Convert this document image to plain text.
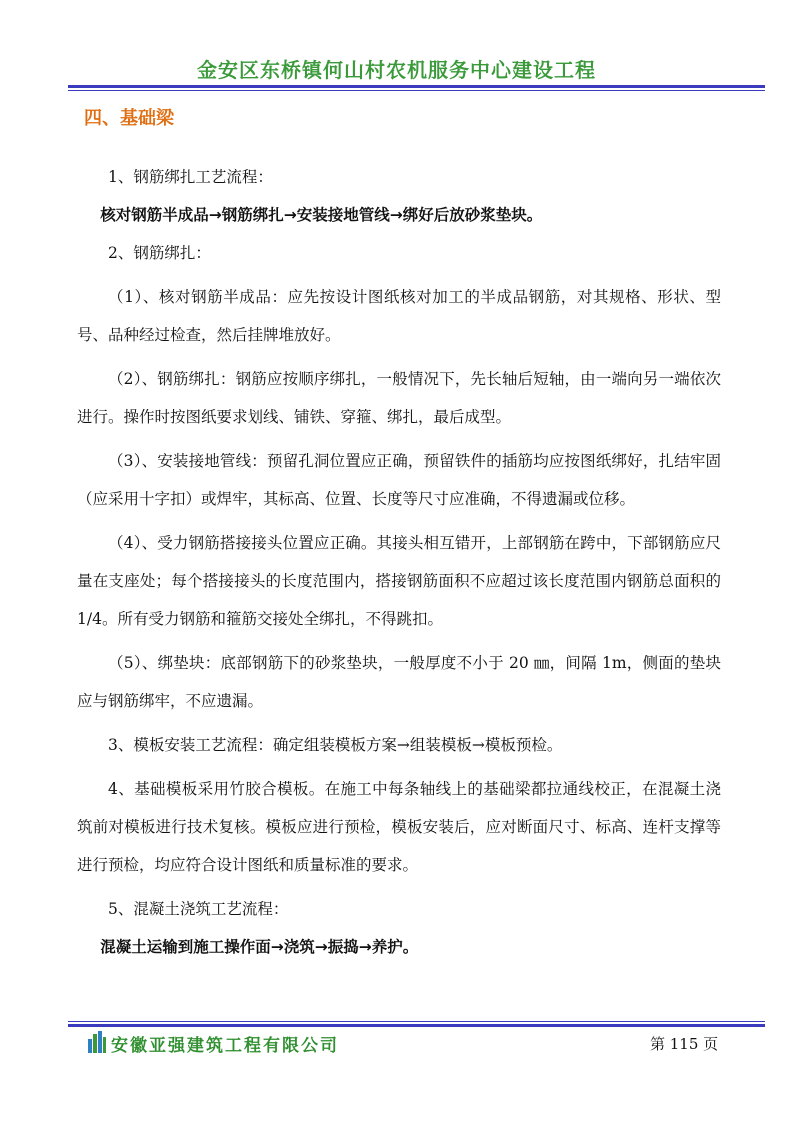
金安区东桥镇何山村农机服务中心建设工程
四、基础梁

1、钢筋绑扎工艺流程：

核对钢筋半成品→钢筋绑扎→安装接地管线→绑好后放砂浆垫块。

2、钢筋绑扎：

（1）、核对钢筋半成品：应先按设计图纸核对加工的半成品钢筋，对其规格、形状、型号、品种经过检查，然后挂牌堆放好。

（2）、钢筋绑扎：钢筋应按顺序绑扎，一般情况下，先长轴后短轴，由一端向另一端依次进行。操作时按图纸要求划线、铺铁、穿箍、绑扎，最后成型。

（3）、安装接地管线：预留孔洞位置应正确，预留铁件的插筋均应按图纸绑好，扎结牢固（应采用十字扣）或焊牢，其标高、位置、长度等尺寸应准确，不得遗漏或位移。

（4）、受力钢筋搭接接头位置应正确。其接头相互错开，上部钢筋在跨中，下部钢筋应尺量在支座处；每个搭接接头的长度范围内，搭接钢筋面积不应超过该长度范围内钢筋总面积的 1/4。所有受力钢筋和箍筋交接处全绑扎，不得跳扣。

（5）、绑垫块：底部钢筋下的砂浆垫块，一般厚度不小于 20 ㎜，间隔 1m，侧面的垫块应与钢筋绑牢，不应遗漏。

3、模板安装工艺流程：确定组装模板方案→组装模板→模板预检。

4、基础模板采用竹胶合模板。在施工中每条轴线上的基础梁都拉通线校正，在混凝土浇筑前对模板进行技术复核。模板应进行预检，模板安装后，应对断面尺寸、标高、连杆支撑等进行预检，均应符合设计图纸和质量标准的要求。

5、混凝土浇筑工艺流程：

混凝土运输到施工操作面→浇筑→振捣→养护。

安徽亚强建筑工程有限公司	第 115 页
